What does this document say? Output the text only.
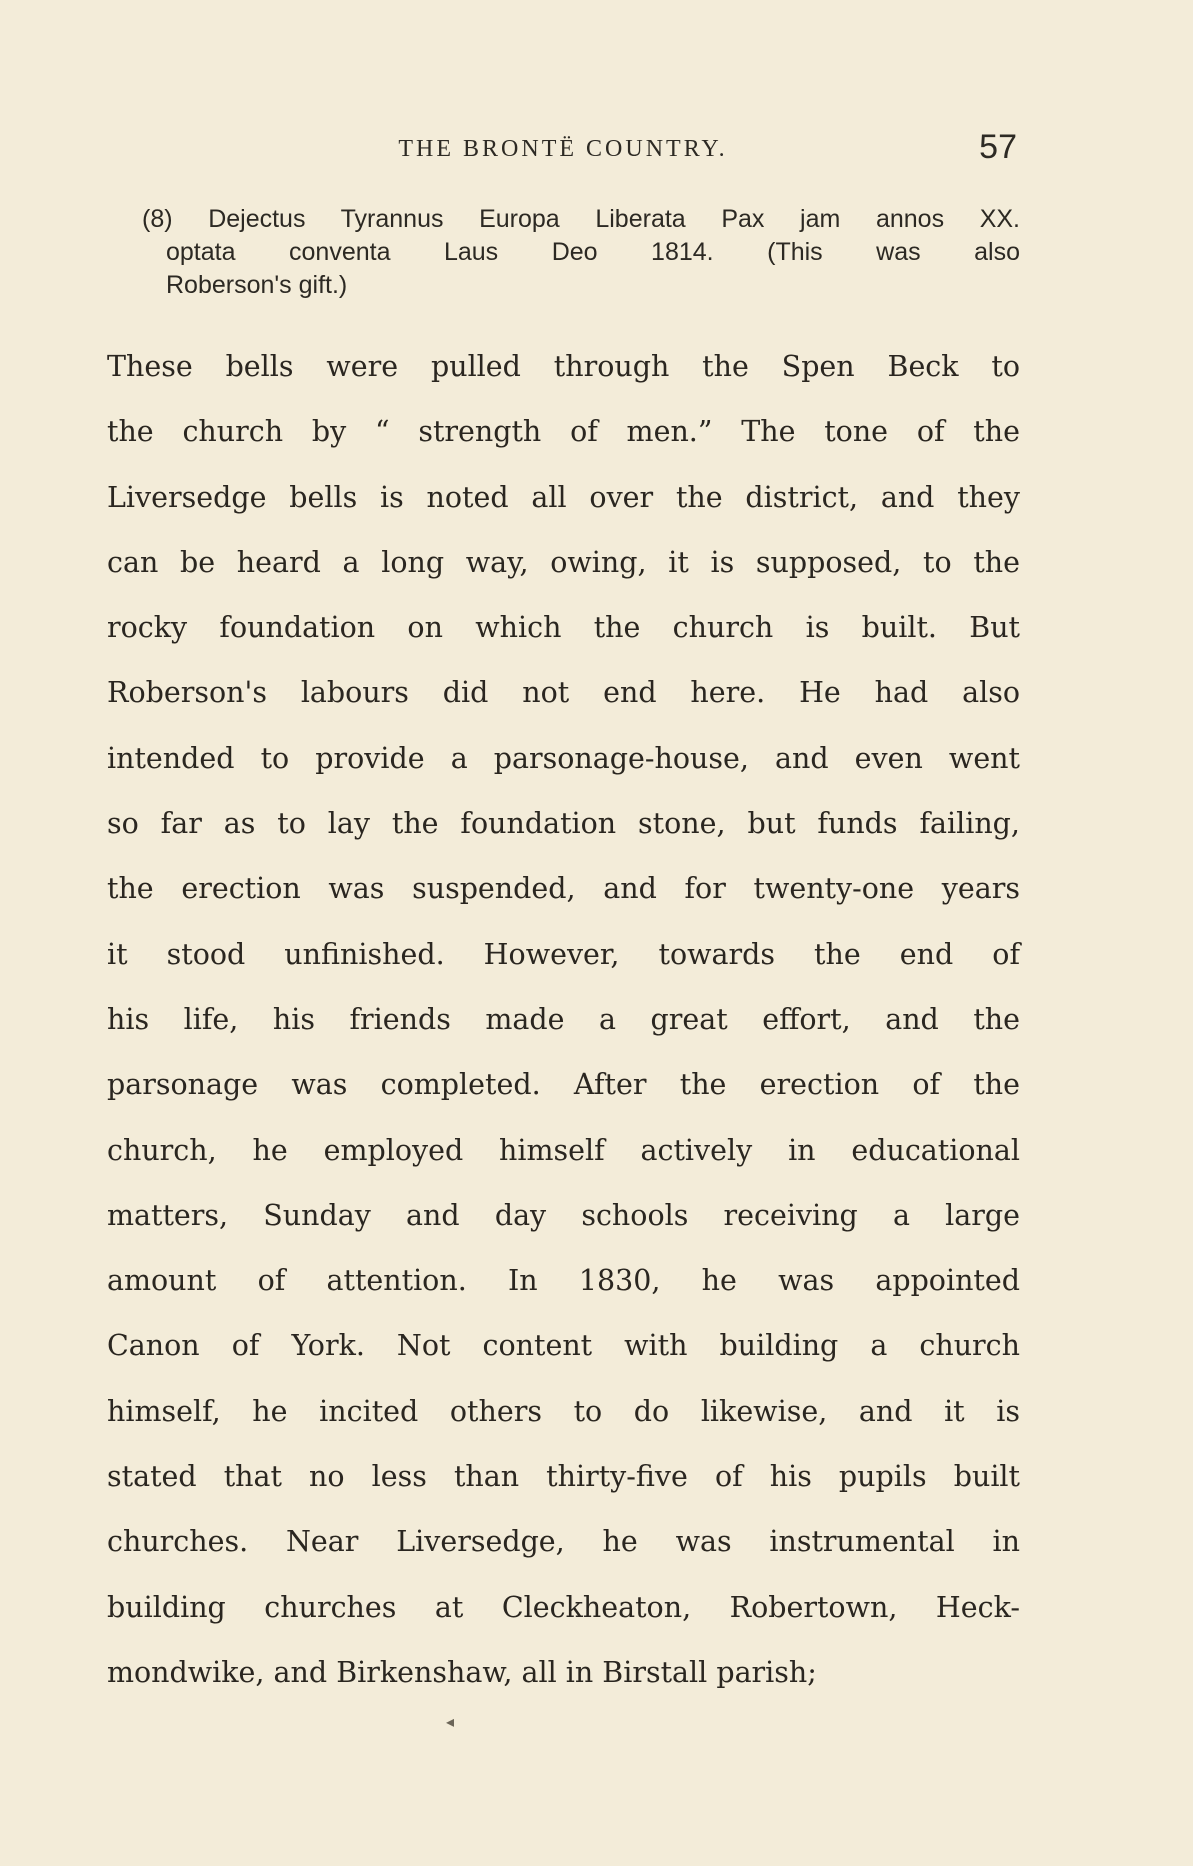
THE BRONTË COUNTRY.	57
(8) Dejectus Tyrannus Europa Liberata Pax jam annos XX.
optata conventa Laus Deo 1814. (This was also
Roberson's gift.)
These bells were pulled through the Spen Beck to
the church by “ strength of men.” The tone of the
Liversedge bells is noted all over the district, and they
can be heard a long way, owing, it is supposed, to the
rocky foundation on which the church is built. But
Roberson's labours did not end here. He had also
intended to provide a parsonage-house, and even went
so far as to lay the foundation stone, but funds failing,
the erection was suspended, and for twenty-one years
it stood unfinished. However, towards the end of
his life, his friends made a great effort, and the
parsonage was completed. After the erection of the
church, he employed himself actively in educational
matters, Sunday and day schools receiving a large
amount of attention. In 1830, he was appointed
Canon of York. Not content with building a church
himself, he incited others to do likewise, and it is
stated that no less than thirty-five of his pupils built
churches. Near Liversedge, he was instrumental in
building churches at Cleckheaton, Robertown, Heck-
mondwike, and Birkenshaw, all in Birstall parish;
◂
